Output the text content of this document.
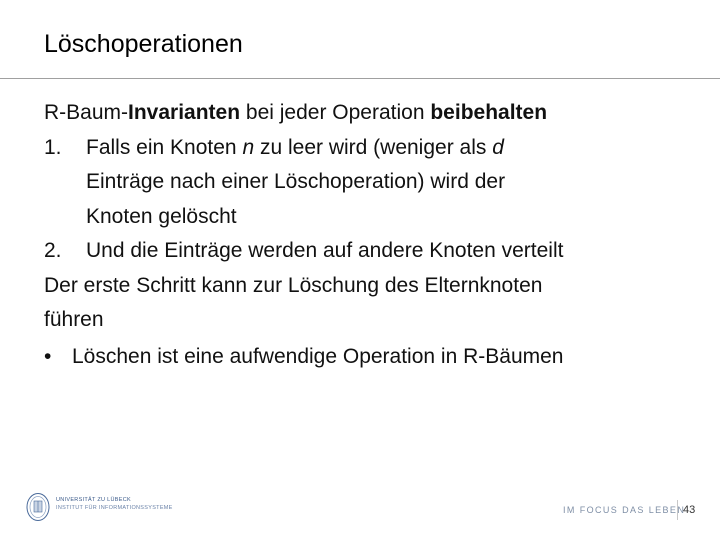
Löschoperationen
R-Baum-Invarianten bei jeder Operation beibehalten
1. Falls ein Knoten n zu leer wird (weniger als d
Einträge nach einer Löschoperation) wird der
Knoten gelöscht
2. Und die Einträge werden auf andere Knoten verteilt
Der erste Schritt kann zur Löschung des Elternknoten
führen
• Löschen ist eine aufwendige Operation in R-Bäumen
UNIVERSITÄT ZU LÜBECK
INSTITUT FÜR INFORMATIONSSYSTEME	IM FOCUS DAS LEBEN
43
